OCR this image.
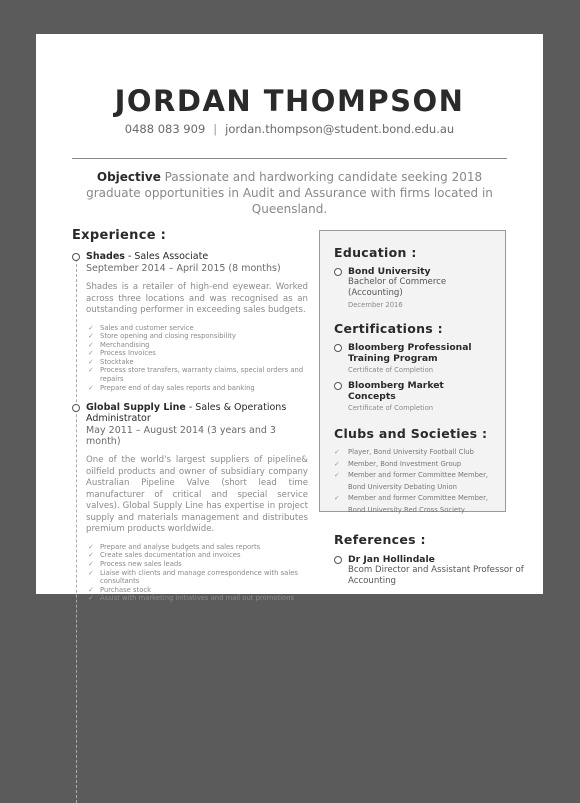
JORDAN THOMPSON
0488 083 909 | jordan.thompson@student.bond.edu.au
Objective Passionate and hardworking candidate seeking 2018 graduate opportunities in Audit and Assurance with firms located in Queensland.
Experience :
Shades - Sales Associate
September 2014 – April 2015 (8 months)
Shades is a retailer of high-end eyewear. Worked across three locations and was recognised as an outstanding performer in exceeding sales budgets.
✓ Sales and customer service
✓ Store opening and closing responsibility
✓ Merchandising
✓ Process Invoices
✓ Stocktake
✓ Process store transfers, warranty claims, special orders and repairs
✓ Prepare end of day sales reports and banking
Global Supply Line - Sales & Operations Administrator
May 2011 – August 2014 (3 years and 3 month)
One of the world's largest suppliers of pipeline& oilfield products and owner of subsidiary company Australian Pipeline Valve (short lead time manufacturer of critical and special service valves). Global Supply Line has expertise in project supply and materials management and distributes premium products worldwide.
✓ Prepare and analyse budgets and sales reports
✓ Create sales documentation and invoices
✓ Process new sales leads
✓ Liaise with clients and manage correspondence with sales consultants
✓ Purchase stock
✓ Assist with marketing initiatives and mail out promotions
Education :
Bond University
Bachelor of Commerce (Accounting)
December 2016
Certifications :
Bloomberg Professional Training Program
Certificate of Completion
Bloomberg Market Concepts
Certificate of Completion
Clubs and Societies :
✓ Player, Bond University Football Club
✓ Member, Bond Investment Group
✓ Member and former Committee Member, Bond University Debating Union
✓ Member and former Committee Member, Bond University Red Cross Society
References :
Dr Jan Hollindale
Bcom Director and Assistant Professor of Accounting
